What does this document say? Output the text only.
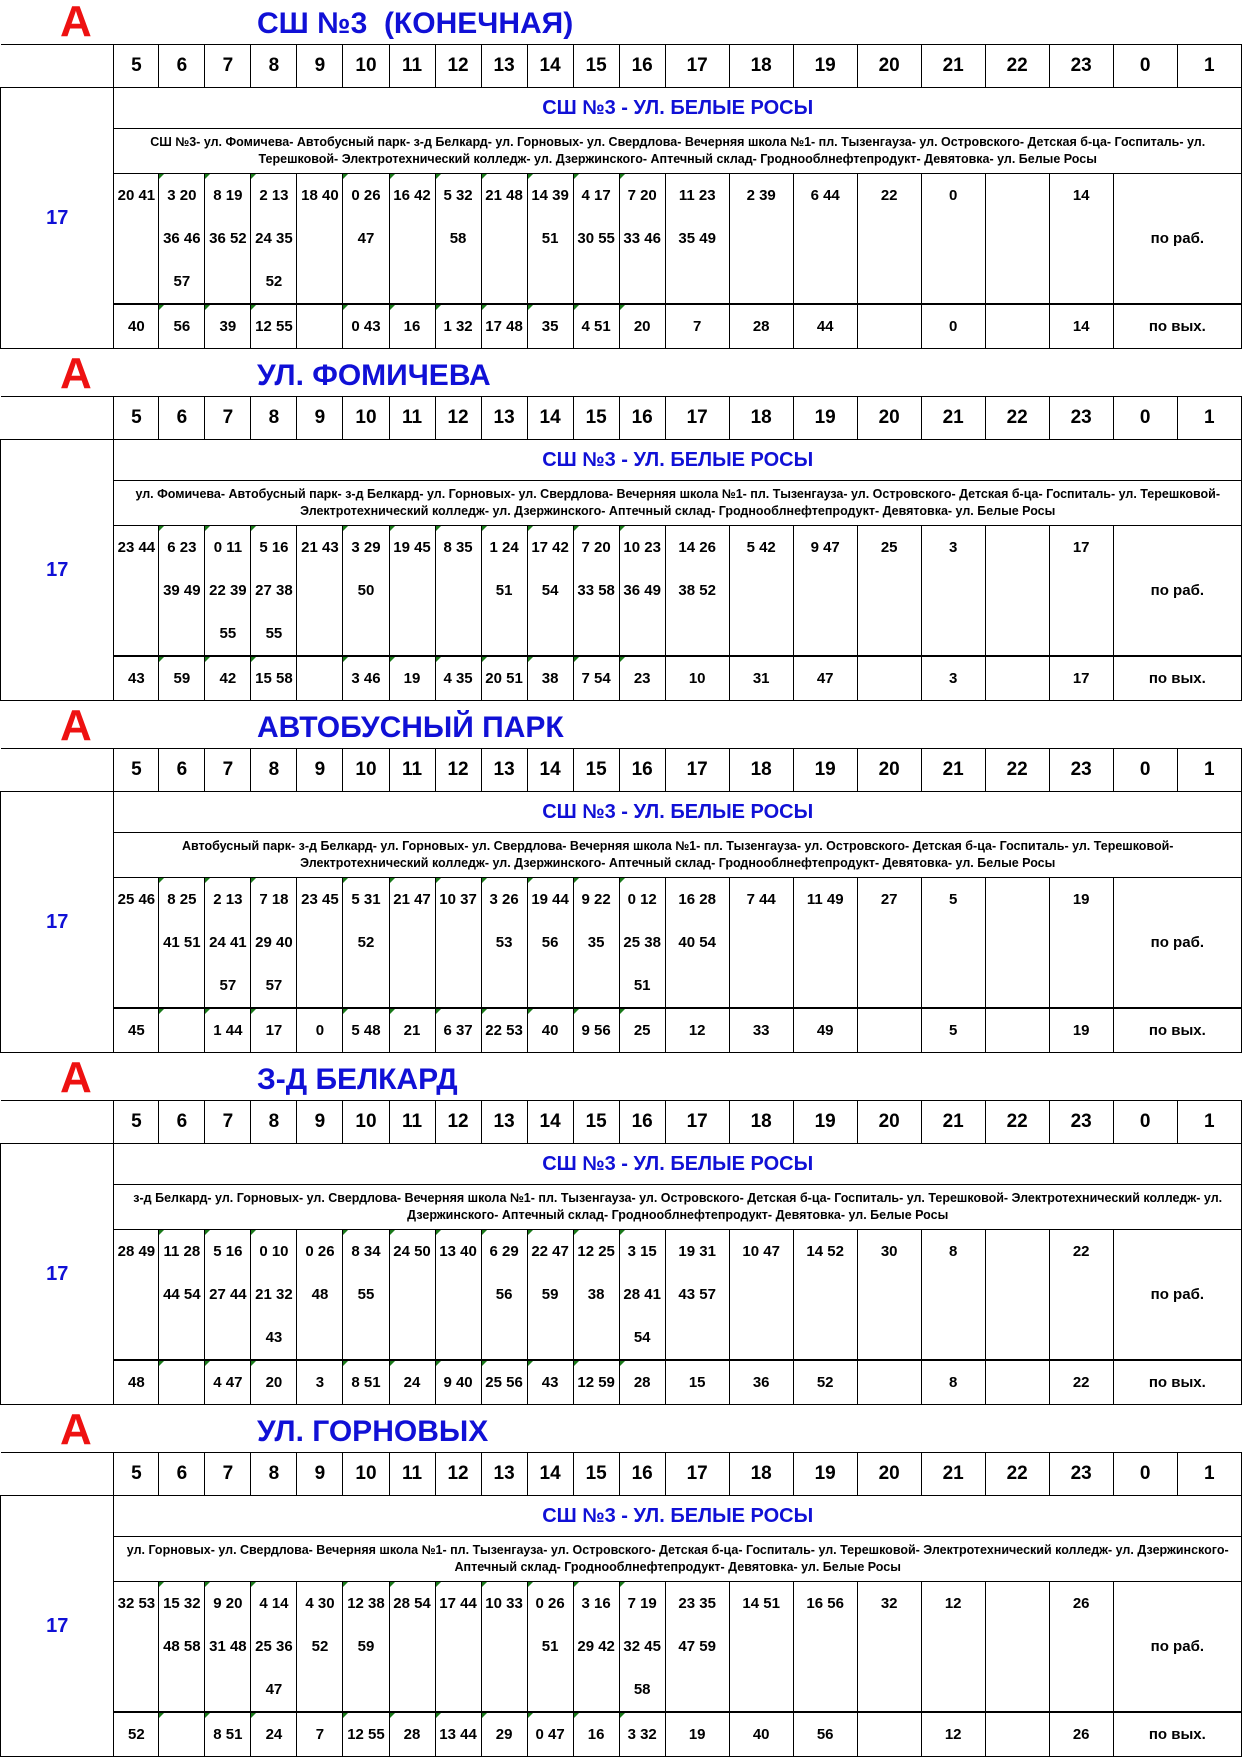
А	СШ №3  (КОНЕЧНАЯ)
	5	6	7	8	9	10	11	12	13	14	15	16	17	18	19	20	21	22	23	0	1
17	СШ №3 - УЛ. БЕЛЫЕ РОСЫ																				
	СШ №3- ул. Фомичева- Автобусный парк- з-д Белкард- ул. Горновых- ул. Свердлова- Вечерняя школа №1- пл. Тызенгауза- ул. Островского- Детская б-ца- Госпиталь- ул. Терешковой- Электротехнический колледж- ул. Дзержинского- Аптечный склад- Гроднооблнефтепродукт- Девятовка- ул. Белые Росы																				
	20 41	3 20	8 19	2 13	18 40	0 26	16 42	5 32	21 48	14 39	4 17	7 20	11 23	2 39	6 44	22	0		14	по раб.	
		36 46	36 52	24 35		47		58		51	30 55	33 46	35 49								
		57		52																	
	40	56	39	12 55		0 43	16	1 32	17 48	35	4 51	20	7	28	44		0		14	по вых.	
А	УЛ. ФОМИЧЕВА
	5	6	7	8	9	10	11	12	13	14	15	16	17	18	19	20	21	22	23	0	1
17	СШ №3 - УЛ. БЕЛЫЕ РОСЫ																				
	ул. Фомичева- Автобусный парк- з-д Белкард- ул. Горновых- ул. Свердлова- Вечерняя школа №1- пл. Тызенгауза- ул. Островского- Детская б-ца- Госпиталь- ул. Терешковой- Электротехнический колледж- ул. Дзержинского- Аптечный склад- Гроднооблнефтепродукт- Девятовка- ул. Белые Росы																				
	23 44	6 23	0 11	5 16	21 43	3 29	19 45	8 35	1 24	17 42	7 20	10 23	14 26	5 42	9 47	25	3		17	по раб.	
		39 49	22 39	27 38		50			51	54	33 58	36 49	38 52								
			55	55																	
	43	59	42	15 58		3 46	19	4 35	20 51	38	7 54	23	10	31	47		3		17	по вых.	
А	АВТОБУСНЫЙ ПАРК
	5	6	7	8	9	10	11	12	13	14	15	16	17	18	19	20	21	22	23	0	1
17	СШ №3 - УЛ. БЕЛЫЕ РОСЫ																				
	Автобусный парк- з-д Белкард- ул. Горновых- ул. Свердлова- Вечерняя школа №1- пл. Тызенгауза- ул. Островского- Детская б-ца- Госпиталь- ул. Терешковой- Электротехнический колледж- ул. Дзержинского- Аптечный склад- Гроднооблнефтепродукт- Девятовка- ул. Белые Росы																				
	25 46	8 25	2 13	7 18	23 45	5 31	21 47	10 37	3 26	19 44	9 22	0 12	16 28	7 44	11 49	27	5		19	по раб.	
		41 51	24 41	29 40		52			53	56	35	25 38	40 54								
			57	57								51									
	45		1 44	17	0	5 48	21	6 37	22 53	40	9 56	25	12	33	49		5		19	по вых.	
А	З-Д БЕЛКАРД
	5	6	7	8	9	10	11	12	13	14	15	16	17	18	19	20	21	22	23	0	1
17	СШ №3 - УЛ. БЕЛЫЕ РОСЫ																				
	з-д Белкард- ул. Горновых- ул. Свердлова- Вечерняя школа №1- пл. Тызенгауза- ул. Островского- Детская б-ца- Госпиталь- ул. Терешковой- Электротехнический колледж- ул. Дзержинского- Аптечный склад- Гроднооблнефтепродукт- Девятовка- ул. Белые Росы																				
	28 49	11 28	5 16	0 10	0 26	8 34	24 50	13 40	6 29	22 47	12 25	3 15	19 31	10 47	14 52	30	8		22	по раб.	
		44 54	27 44	21 32	48	55			56	59	38	28 41	43 57								
				43								54									
	48		4 47	20	3	8 51	24	9 40	25 56	43	12 59	28	15	36	52		8		22	по вых.	
А	УЛ. ГОРНОВЫХ
	5	6	7	8	9	10	11	12	13	14	15	16	17	18	19	20	21	22	23	0	1
17	СШ №3 - УЛ. БЕЛЫЕ РОСЫ																				
	ул. Горновых- ул. Свердлова- Вечерняя школа №1- пл. Тызенгауза- ул. Островского- Детская б-ца- Госпиталь- ул. Терешковой- Электротехнический колледж- ул. Дзержинского- Аптечный склад- Гроднооблнефтепродукт- Девятовка- ул. Белые Росы																				
	32 53	15 32	9 20	4 14	4 30	12 38	28 54	17 44	10 33	0 26	3 16	7 19	23 35	14 51	16 56	32	12		26	по раб.	
		48 58	31 48	25 36	52	59				51	29 42	32 45	47 59								
				47								58									
	52		8 51	24	7	12 55	28	13 44	29	0 47	16	3 32	19	40	56		12		26	по вых.	
